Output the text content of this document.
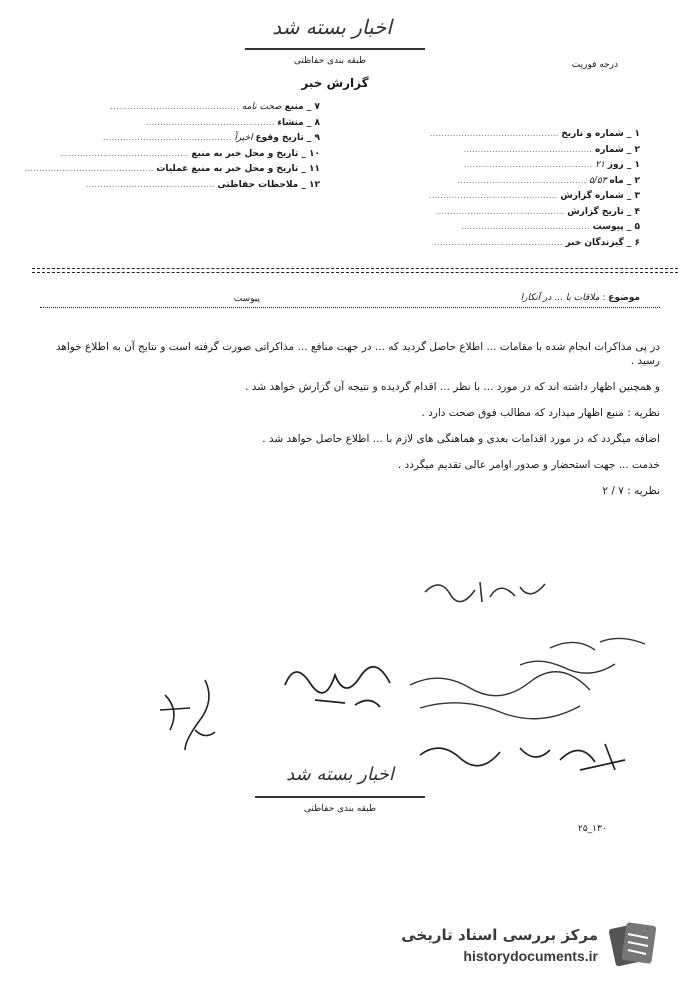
اخبار بسته شد
طبقه بندی حفاظتی	درجه فوریت
گزارش خبر
۱ _ شماره و تاریخ .............................................
۲ _ شماره .............................................
۱ _ روز ۲۱ .............................................
۲ _ ماه ۵/۵۳ .............................................
۳ _ شماره گزارش .............................................
۴ _ تاریخ گزارش .............................................
۵ _ پیوست .............................................
۶ _ گیرندگان خبر .............................................
۷ _ منبع صحت نامه .............................................
۸ _ منشاء .............................................
۹ _ تاریخ وقوع اخیراً .............................................
۱۰ _ تاریخ و محل خبر به منبع .............................................
۱۱ _ تاریخ و محل خبر به منبع عملیات .............................................
۱۲ _ ملاحظات حفاظتی .............................................
موضوع : ملاقات با ... در آنکارا
پیوست

در پی مذاکرات انجام شده با مقامات ... اطلاع حاصل گردید که ... در جهت منافع ... مذاکراتی صورت گرفته است و نتایج آن به اطلاع خواهد رسید .

و همچنین اظهار داشته اند که در مورد ... با نظر ... اقدام گردیده و نتیجه آن گزارش خواهد شد .

نظریه : منبع اظهار میدارد که مطالب فوق صحت دارد .

اضافه میگردد که در مورد اقدامات بعدی و هماهنگی های لازم با ... اطلاع حاصل خواهد شد .

خدمت ... جهت استحضار و صدور اوامر عالی تقدیم میگردد .

نظریه : ۷ / ۲

اخبار بسته شد
طبقه بندی حفاظتی
۲۵_۱۳۰
مرکز بررسی اسناد تاریخی
historydocuments.ir
